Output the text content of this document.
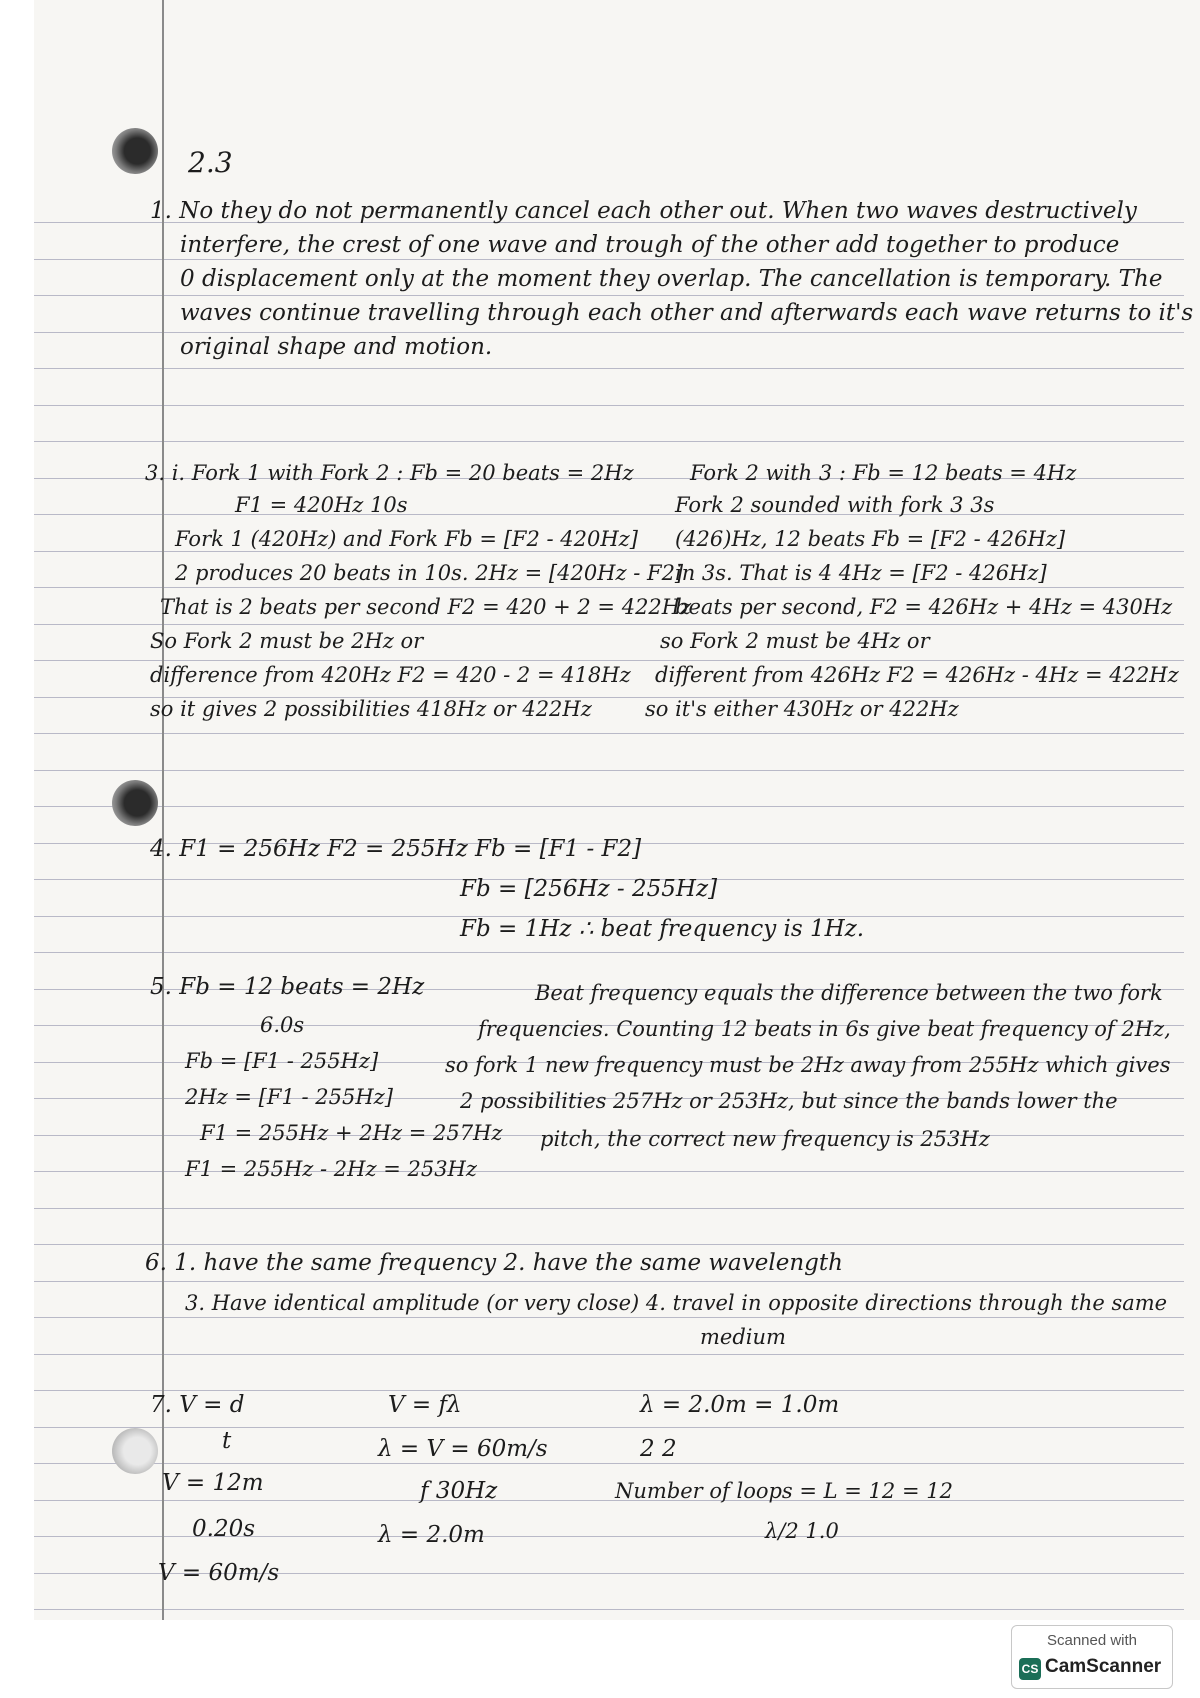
2.3
1. No they do not permanently cancel each other out. When two waves destructively
interfere, the crest of one wave and trough of the other add together to produce
0 displacement only at the moment they overlap. The cancellation is temporary. The
waves continue travelling through each other and afterwards each wave returns to it's
original shape and motion.
3. i. Fork 1 with Fork 2 : Fb = 20 beats = 2Hz
F1 = 420Hz 10s
Fork 1 (420Hz) and Fork Fb = [F2 - 420Hz]
2 produces 20 beats in 10s. 2Hz = [420Hz - F2]
That is 2 beats per second F2 = 420 + 2 = 422Hz
So Fork 2 must be 2Hz or
difference from 420Hz F2 = 420 - 2 = 418Hz
so it gives 2 possibilities 418Hz or 422Hz
Fork 2 with 3 : Fb = 12 beats = 4Hz
Fork 2 sounded with fork 3 3s
(426)Hz, 12 beats Fb = [F2 - 426Hz]
in 3s. That is 4 4Hz = [F2 - 426Hz]
beats per second, F2 = 426Hz + 4Hz = 430Hz
so Fork 2 must be 4Hz or
different from 426Hz F2 = 426Hz - 4Hz = 422Hz
so it's either 430Hz or 422Hz
4. F1 = 256Hz F2 = 255Hz Fb = [F1 - F2]
Fb = [256Hz - 255Hz]
Fb = 1Hz ∴ beat frequency is 1Hz.
5. Fb = 12 beats = 2Hz
6.0s
Fb = [F1 - 255Hz]
2Hz = [F1 - 255Hz]
F1 = 255Hz + 2Hz = 257Hz
F1 = 255Hz - 2Hz = 253Hz
Beat frequency equals the difference between the two fork
frequencies. Counting 12 beats in 6s give beat frequency of 2Hz,
so fork 1 new frequency must be 2Hz away from 255Hz which gives
2 possibilities 257Hz or 253Hz, but since the bands lower the
pitch, the correct new frequency is 253Hz
6. 1. have the same frequency 2. have the same wavelength
3. Have identical amplitude (or very close) 4. travel in opposite directions through the same
medium
7. V = d
t
V = 12m
0.20s
V = 60m/s
V = fλ
λ = V = 60m/s
f 30Hz
λ = 2.0m
λ = 2.0m = 1.0m
2 2
Number of loops = L = 12 = 12
λ/2 1.0
Scanned with
CS CamScanner
